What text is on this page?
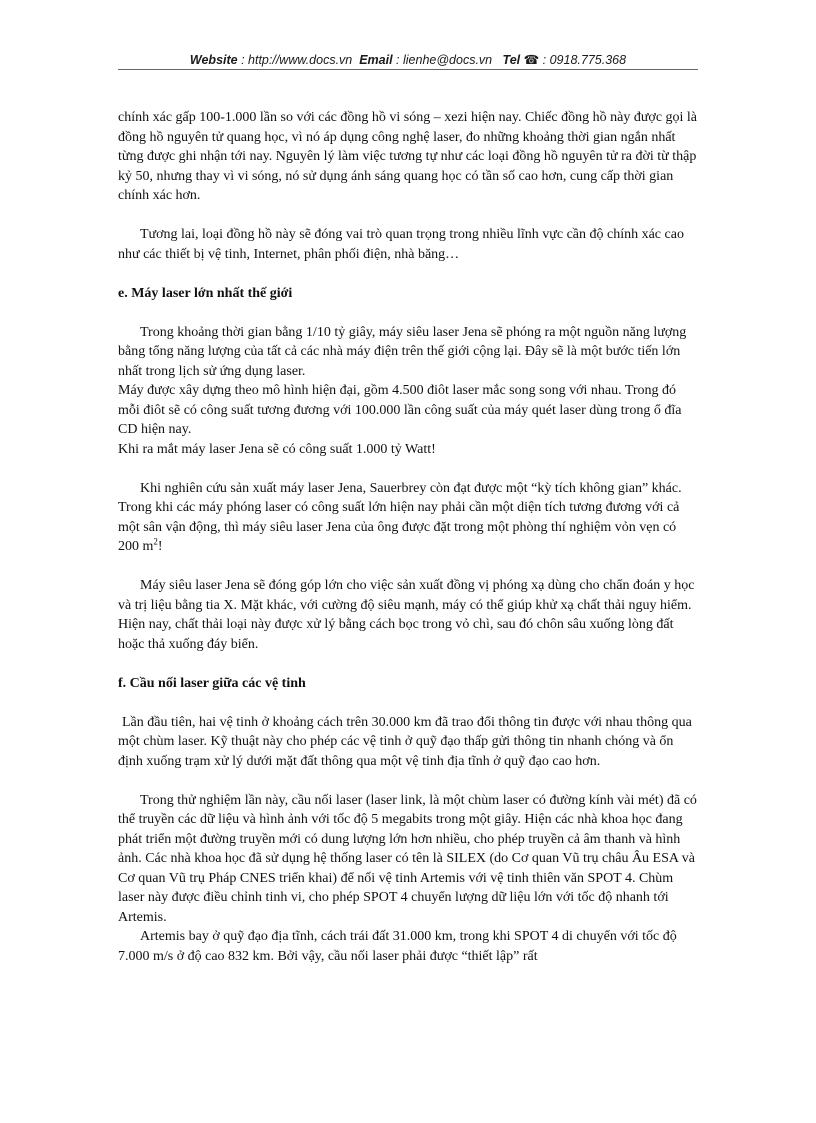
Website : http://www.docs.vn Email : lienhe@docs.vn Tel ☎ : 0918.775.368

chính xác gấp 100-1.000 lần so với các đồng hồ vi sóng – xezi hiện nay. Chiếc đồng hồ này được gọi là đồng hồ nguyên tử quang học, vì nó áp dụng công nghệ laser, đo những khoảng thời gian ngắn nhất từng được ghi nhận tới nay. Nguyên lý làm việc tương tự như các loại đồng hồ nguyên tử ra đời từ thập kỷ 50, nhưng thay vì vi sóng, nó sử dụng ánh sáng quang học có tần số cao hơn, cung cấp thời gian chính xác hơn.

Tương lai, loại đồng hồ này sẽ đóng vai trò quan trọng trong nhiều lĩnh vực cần độ chính xác cao như các thiết bị vệ tinh, Internet, phân phối điện, nhà băng…

e. Máy laser lớn nhất thế giới

Trong khoảng thời gian bằng 1/10 tỷ giây, máy siêu laser Jena sẽ phóng ra một nguồn năng lượng bằng tổng năng lượng của tất cả các nhà máy điện trên thế giới cộng lại. Đây sẽ là một bước tiến lớn nhất trong lịch sử ứng dụng laser.

Máy được xây dựng theo mô hình hiện đại, gồm 4.500 điôt laser mắc song song với nhau. Trong đó mỗi điôt sẽ có công suất tương đương với 100.000 lần công suất của máy quét laser dùng trong ổ đĩa CD hiện nay.

Khi ra mắt máy laser Jena sẽ có công suất 1.000 tỷ Watt!

Khi nghiên cứu sản xuất máy laser Jena, Sauerbrey còn đạt được một “kỳ tích không gian” khác. Trong khi các máy phóng laser có công suất lớn hiện nay phải cần một diện tích tương đương với cả một sân vận động, thì máy siêu laser Jena của ông được đặt trong một phòng thí nghiệm vỏn vẹn có 200 $m^2$!

Máy siêu laser Jena sẽ đóng góp lớn cho việc sản xuất đồng vị phóng xạ dùng cho chẩn đoán y học và trị liệu bằng tia X. Mặt khác, với cường độ siêu mạnh, máy có thể giúp khử xạ chất thải nguy hiểm. Hiện nay, chất thải loại này được xử lý bằng cách bọc trong vỏ chì, sau đó chôn sâu xuống lòng đất hoặc thả xuống đáy biển.

f. Cầu nối laser giữa các vệ tinh

Lần đầu tiên, hai vệ tinh ở khoảng cách trên 30.000 km đã trao đổi thông tin được với nhau thông qua một chùm laser. Kỹ thuật này cho phép các vệ tinh ở quỹ đạo thấp gửi thông tin nhanh chóng và ổn định xuống trạm xử lý dưới mặt đất thông qua một vệ tinh địa tĩnh ở quỹ đạo cao hơn.

Trong thử nghiệm lần này, cầu nối laser (laser link, là một chùm laser có đường kính vài mét) đã có thể truyền các dữ liệu và hình ảnh với tốc độ 5 megabits trong một giây. Hiện các nhà khoa học đang phát triển một đường truyền mới có dung lượng lớn hơn nhiều, cho phép truyền cả âm thanh và hình ảnh. Các nhà khoa học đã sử dụng hệ thống laser có tên là SILEX (do Cơ quan Vũ trụ châu Âu ESA và Cơ quan Vũ trụ Pháp CNES triển khai) để nối vệ tinh Artemis với vệ tinh thiên văn SPOT 4. Chùm laser này được điều chỉnh tinh vi, cho phép SPOT 4 chuyển lượng dữ liệu lớn với tốc độ nhanh tới Artemis.

Artemis bay ở quỹ đạo địa tĩnh, cách trái đất 31.000 km, trong khi SPOT 4 di chuyển với tốc độ 7.000 m/s ở độ cao 832 km. Bởi vậy, cầu nối laser phải được “thiết lập” rất
